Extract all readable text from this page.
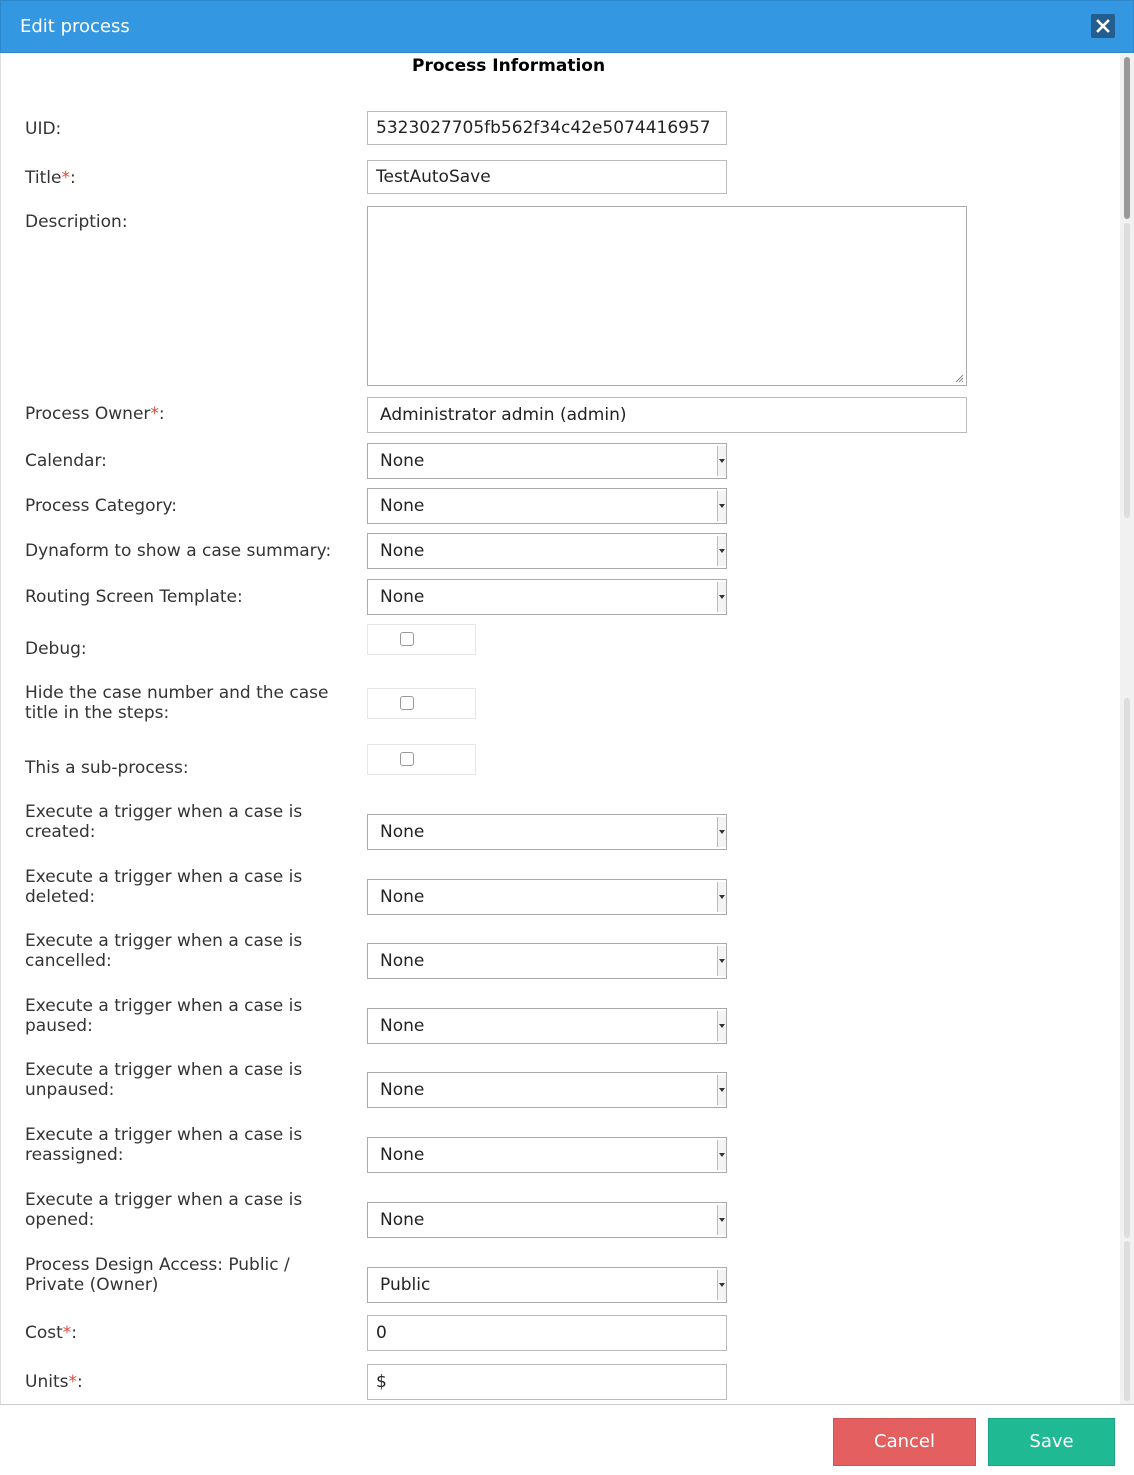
Edit process
Process Information
UID:	5323027705fb562f34c42e5074416957
Title*:	TestAutoSave
Description:
Process Owner*:	Administrator admin (admin)
Calendar:	None
Process Category:	None
Dynaform to show a case summary:	None
Routing Screen Template:	None
Debug:
Hide the case number and the case title in the steps:
This a sub-process:
Execute a trigger when a case is created:	None
Execute a trigger when a case is deleted:	None
Execute a trigger when a case is cancelled:	None
Execute a trigger when a case is paused:	None
Execute a trigger when a case is unpaused:	None
Execute a trigger when a case is reassigned:	None
Execute a trigger when a case is opened:	None
Process Design Access: Public / Private (Owner)	Public
Cost*:	0
Units*:	$
Cancel	Save
